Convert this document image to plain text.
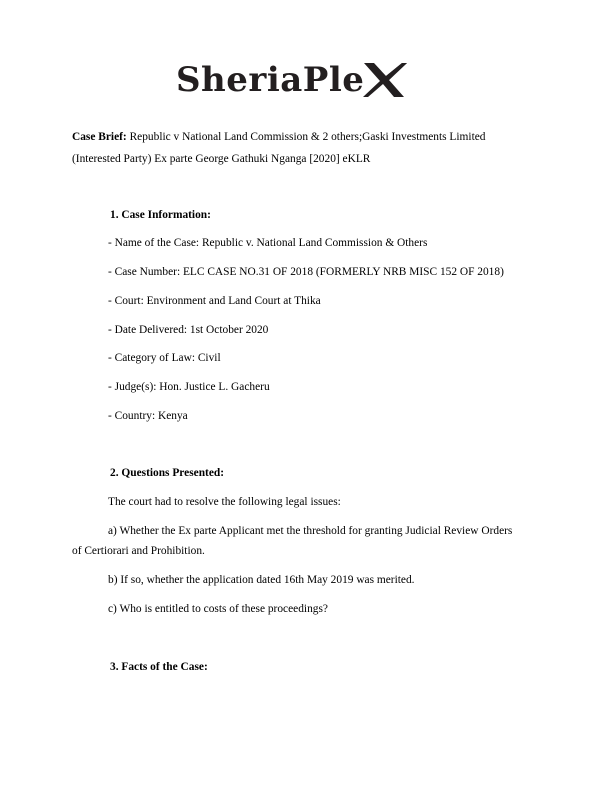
SheriaPle
Case Brief: Republic v National Land Commission & 2 others;Gaski Investments Limited
(Interested Party) Ex parte George Gathuki Nganga [2020] eKLR
1. Case Information:
- Name of the Case: Republic v. National Land Commission & Others
- Case Number: ELC CASE NO.31 OF 2018 (FORMERLY NRB MISC 152 OF 2018)
- Court: Environment and Land Court at Thika
- Date Delivered: 1st October 2020
- Category of Law: Civil
- Judge(s): Hon. Justice L. Gacheru
- Country: Kenya
2. Questions Presented:
The court had to resolve the following legal issues:
a) Whether the Ex parte Applicant met the threshold for granting Judicial Review Orders
of Certiorari and Prohibition.
b) If so, whether the application dated 16th May 2019 was merited.
c) Who is entitled to costs of these proceedings?
3. Facts of the Case:
